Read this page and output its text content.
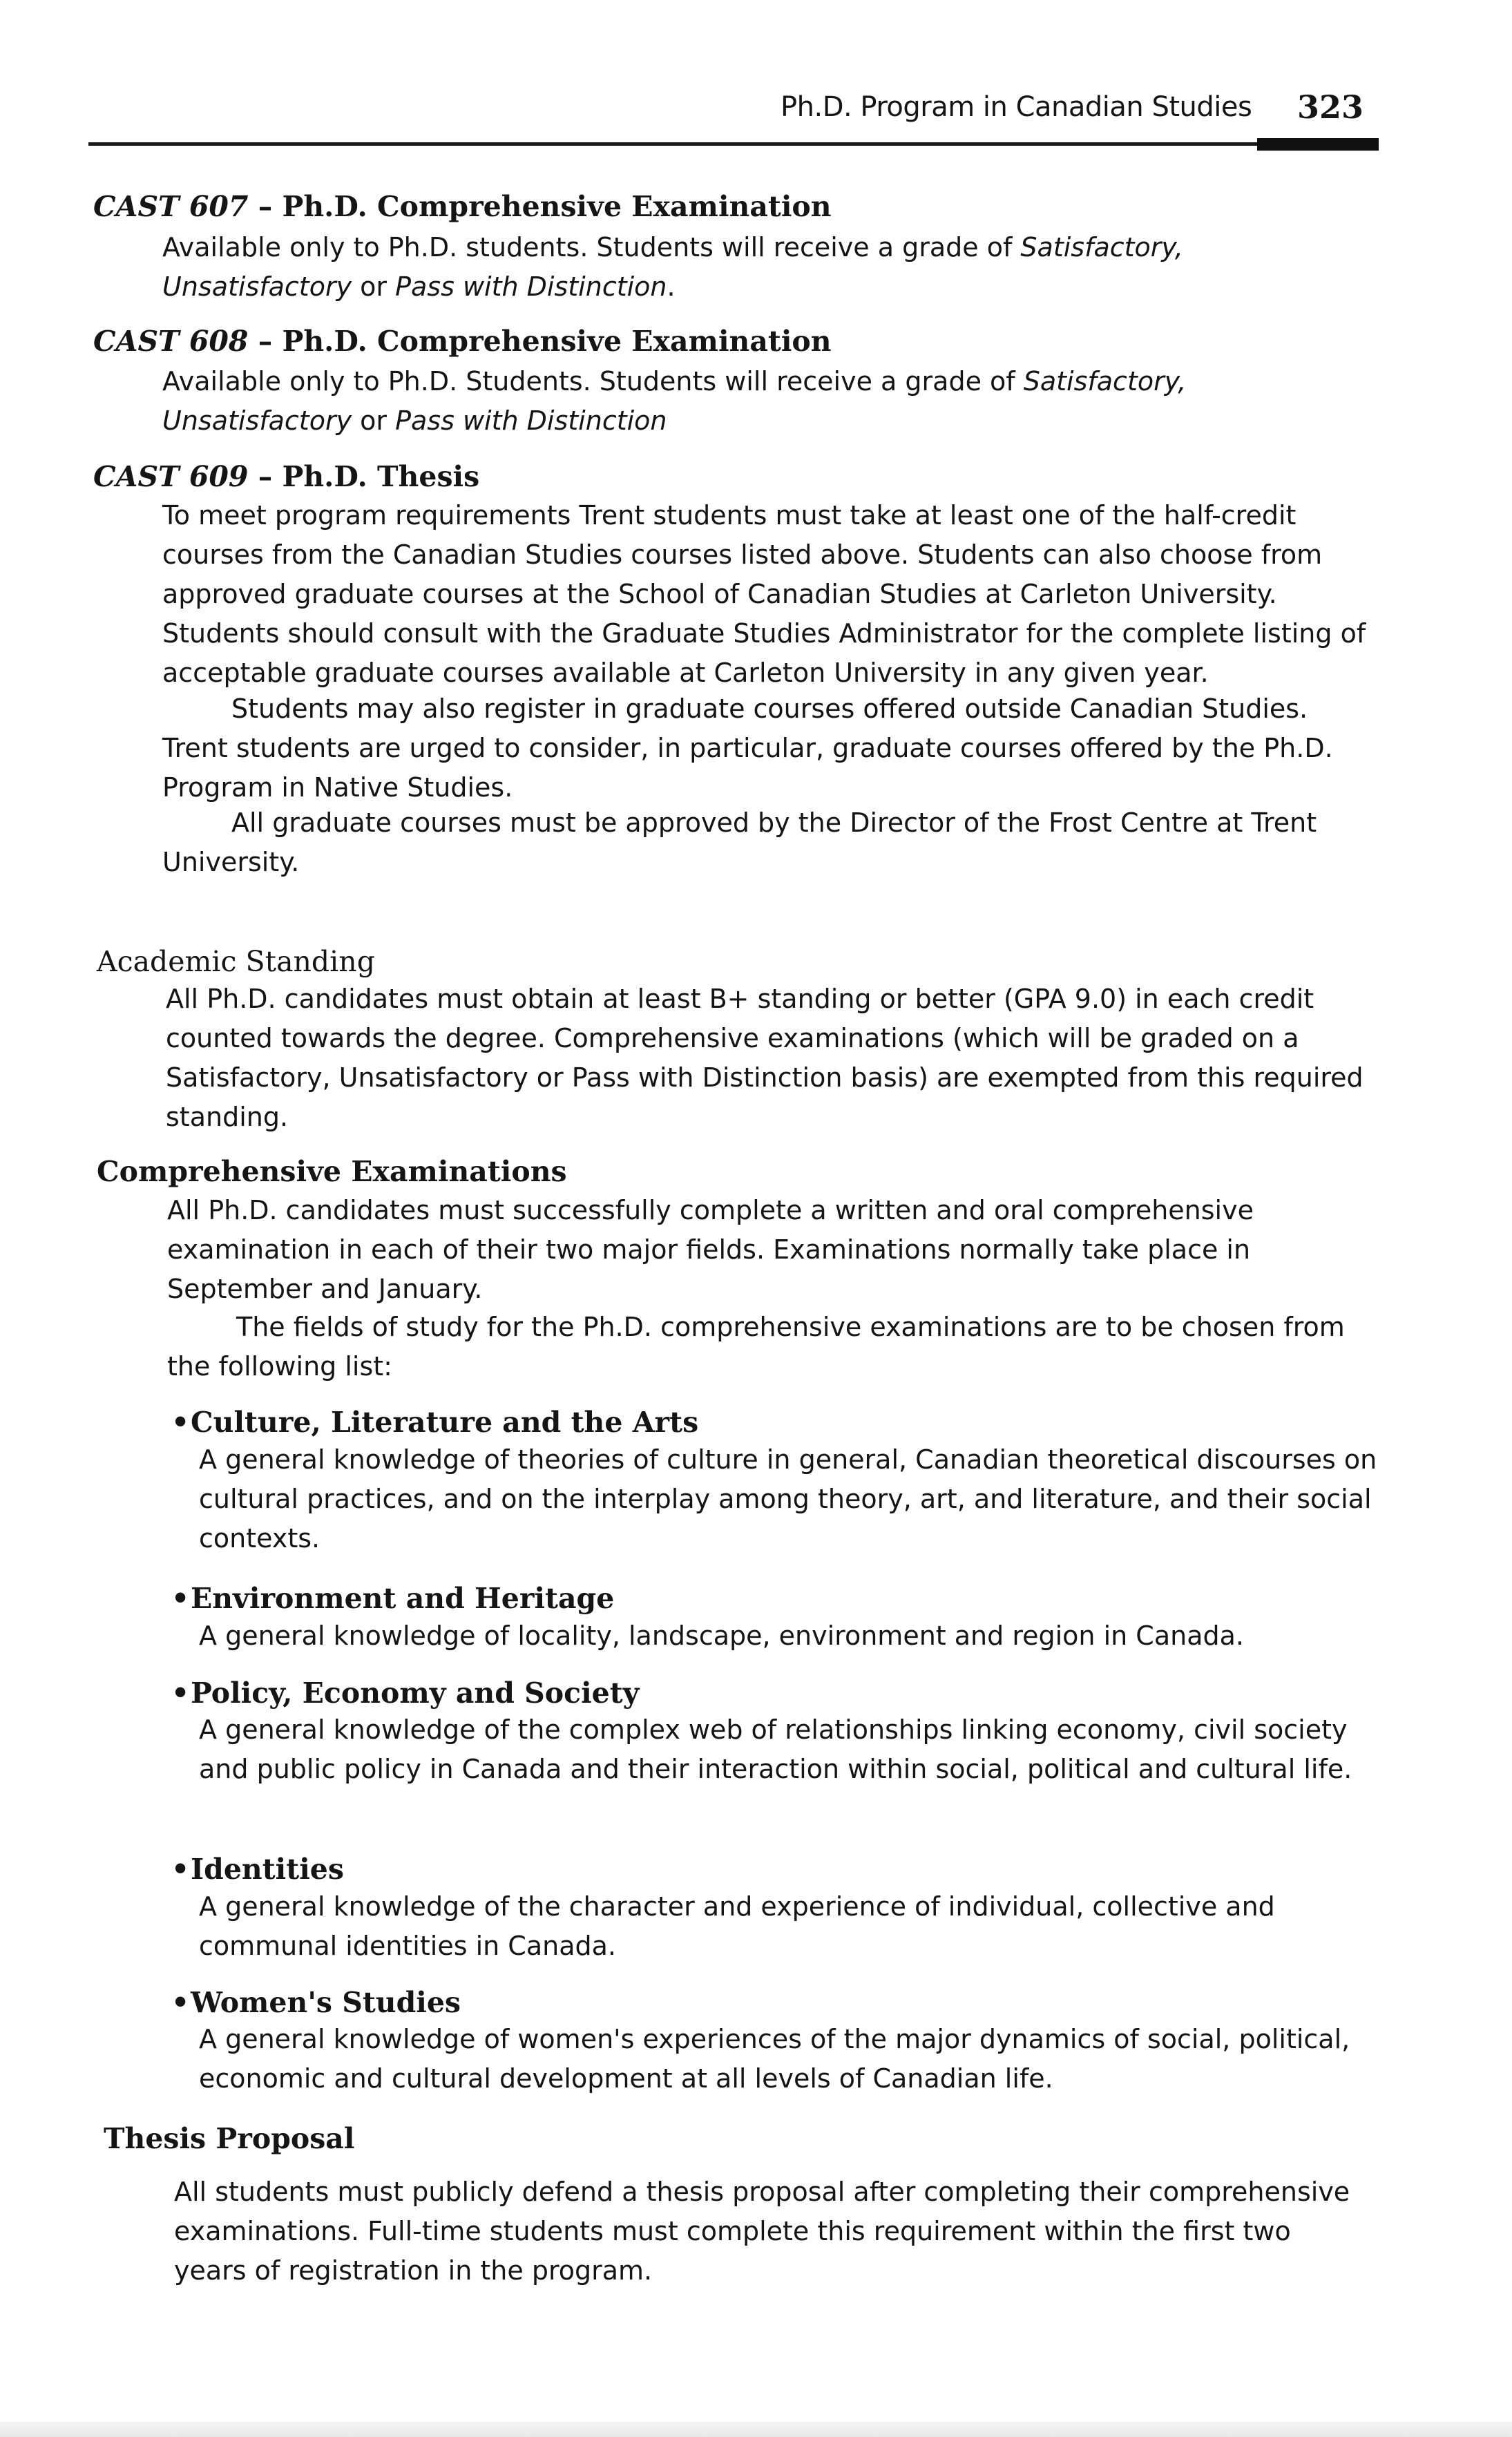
Ph.D. Program in Canadian Studies 323
CAST 607 – Ph.D. Comprehensive Examination

Available only to Ph.D. students. Students will receive a grade of Satisfactory,
Unsatisfactory or Pass with Distinction.

CAST 608 – Ph.D. Comprehensive Examination

Available only to Ph.D. Students. Students will receive a grade of Satisfactory,
Unsatisfactory or Pass with Distinction

CAST 609 – Ph.D. Thesis

To meet program requirements Trent students must take at least one of the half-credit courses from the Canadian Studies courses listed above. Students can also choose from approved graduate courses at the School of Canadian Studies at Carleton University. Students should consult with the Graduate Studies Administrator for the complete listing of acceptable graduate courses available at Carleton University in any given year.

Students may also register in graduate courses offered outside Canadian Studies. Trent students are urged to consider, in particular, graduate courses offered by the Ph.D. Program in Native Studies.

All graduate courses must be approved by the Director of the Frost Centre at Trent University.

Academic Standing

All Ph.D. candidates must obtain at least B+ standing or better (GPA 9.0) in each credit counted towards the degree. Comprehensive examinations (which will be graded on a Satisfactory, Unsatisfactory or Pass with Distinction basis) are exempted from this required standing.

Comprehensive Examinations

All Ph.D. candidates must successfully complete a written and oral comprehensive examination in each of their two major fields. Examinations normally take place in September and January.

The fields of study for the Ph.D. comprehensive examinations are to be chosen from the following list:

•Culture, Literature and the Arts

A general knowledge of theories of culture in general, Canadian theoretical discourses on cultural practices, and on the interplay among theory, art, and literature, and their social contexts.

•Environment and Heritage

A general knowledge of locality, landscape, environment and region in Canada.

•Policy, Economy and Society

A general knowledge of the complex web of relationships linking economy, civil society and public policy in Canada and their interaction within social, political and cultural life.

•Identities

A general knowledge of the character and experience of individual, collective and communal identities in Canada.

•Women's Studies

A general knowledge of women's experiences of the major dynamics of social, political, economic and cultural development at all levels of Canadian life.

Thesis Proposal

All students must publicly defend a thesis proposal after completing their comprehensive examinations. Full-time students must complete this requirement within the first two years of registration in the program.
